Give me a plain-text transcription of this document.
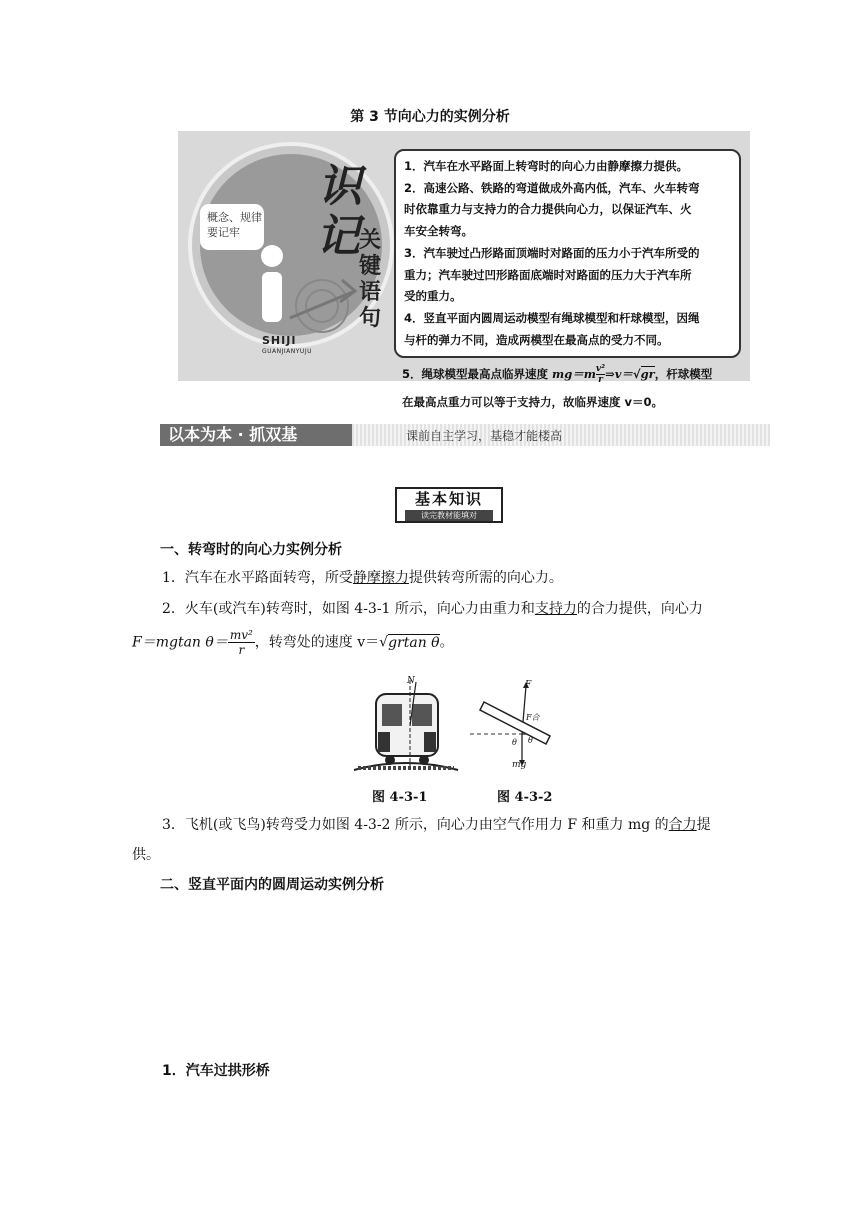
第 3 节向心力的实例分析
概念、规律要记牢
识
记
关
键
语
句
SHIJI
GUANJIANYUJU
1．汽车在水平路面上转弯时的向心力由静摩擦力提供。
2．高速公路、铁路的弯道做成外高内低，汽车、火车转弯
时依靠重力与支持力的合力提供向心力，以保证汽车、火
车安全转弯。
3．汽车驶过凸形路面顶端时对路面的压力小于汽车所受的
重力；汽车驶过凹形路面底端时对路面的压力大于汽车所
受的重力。
4．竖直平面内圆周运动模型有绳球模型和杆球模型，因绳
与杆的弹力不同，造成两模型在最高点的受力不同。
5．绳球模型最高点临界速度 $mg=m \frac{\text{v²}}{r}$ ⇒v＝√gr，杆球模型
在最高点重力可以等于支持力，故临界速度 v＝0。
以本为本 · 抓双基	课前自主学习，基稳才能楼高
基本知识
读完教材能填对
一、转弯时的向心力实例分析
1．汽车在水平路面转弯，所受静摩擦力提供转弯所需的向心力。
2．火车(或汽车)转弯时，如图 4-3-1 所示，向心力由重力和支持力的合力提供，向心力
F＝mgtan $\theta= \frac{\text{mv²}}{r}$ ，转弯处的速度 v＝√grtan θ。
N	F
F合
θ θ
mg
图 4-3-1	图 4-3-2
3．飞机(或飞鸟)转弯受力如图 4-3-2 所示，向心力由空气作用力 F 和重力 mg 的合力提
供。
二、竖直平面内的圆周运动实例分析
1．汽车过拱形桥
